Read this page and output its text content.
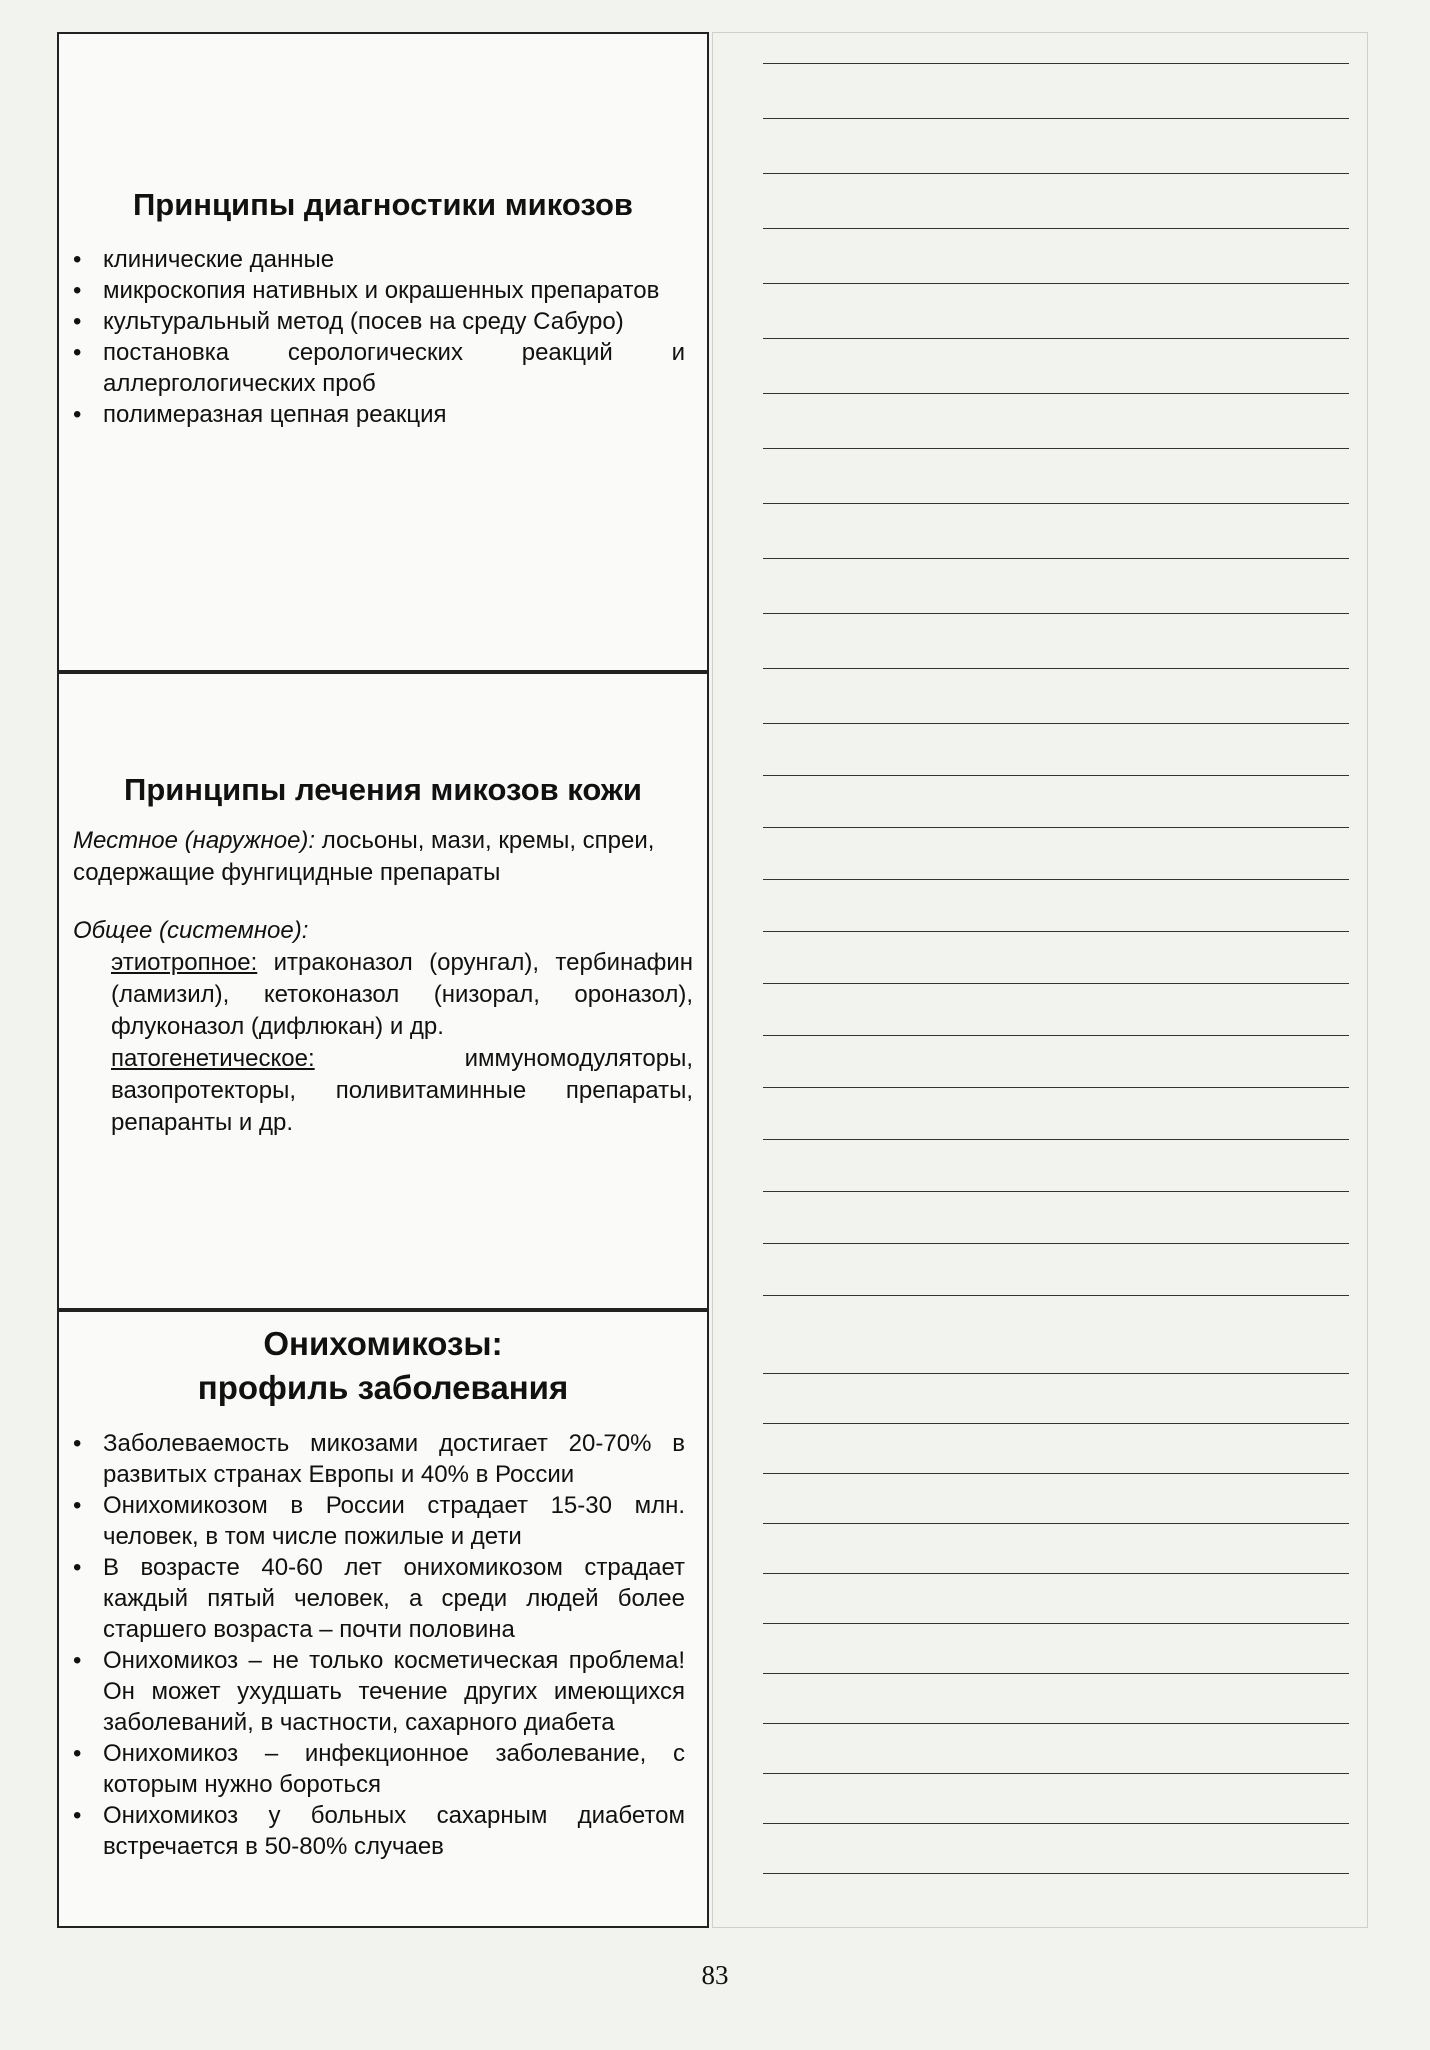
Принципы диагностики микозов
• клинические данные
• микроскопия нативных и окрашенных препаратов
• культуральный метод (посев на среду Сабуро)
• постановка серологических реакций и аллергологических проб
• полимеразная цепная реакция
Принципы лечения микозов кожи
Местное (наружное): лосьоны, мази, кремы, спреи, содержащие фунгицидные препараты
Общее (системное):
этиотропное: итраконазол (орунгал), тербинафин (ламизил), кетоконазол (низорал, ороназол), флуконазол (дифлюкан) и др.
патогенетическое: иммуномодуляторы, вазопротекторы, поливитаминные препараты, репаранты и др.
Онихомикозы:
профиль заболевания
• Заболеваемость микозами достигает 20-70% в развитых странах Европы и 40% в России
• Онихомикозом в России страдает 15-30 млн. человек, в том числе пожилые и дети
• В возрасте 40-60 лет онихомикозом страдает каждый пятый человек, а среди людей более старшего возраста – почти половина
• Онихомикоз – не только косметическая проблема! Он может ухудшать течение других имеющихся заболеваний, в частности, сахарного диабета
• Онихомикоз – инфекционное заболевание, с которым нужно бороться
• Онихомикоз у больных сахарным диабетом встречается в 50-80% случаев
83
